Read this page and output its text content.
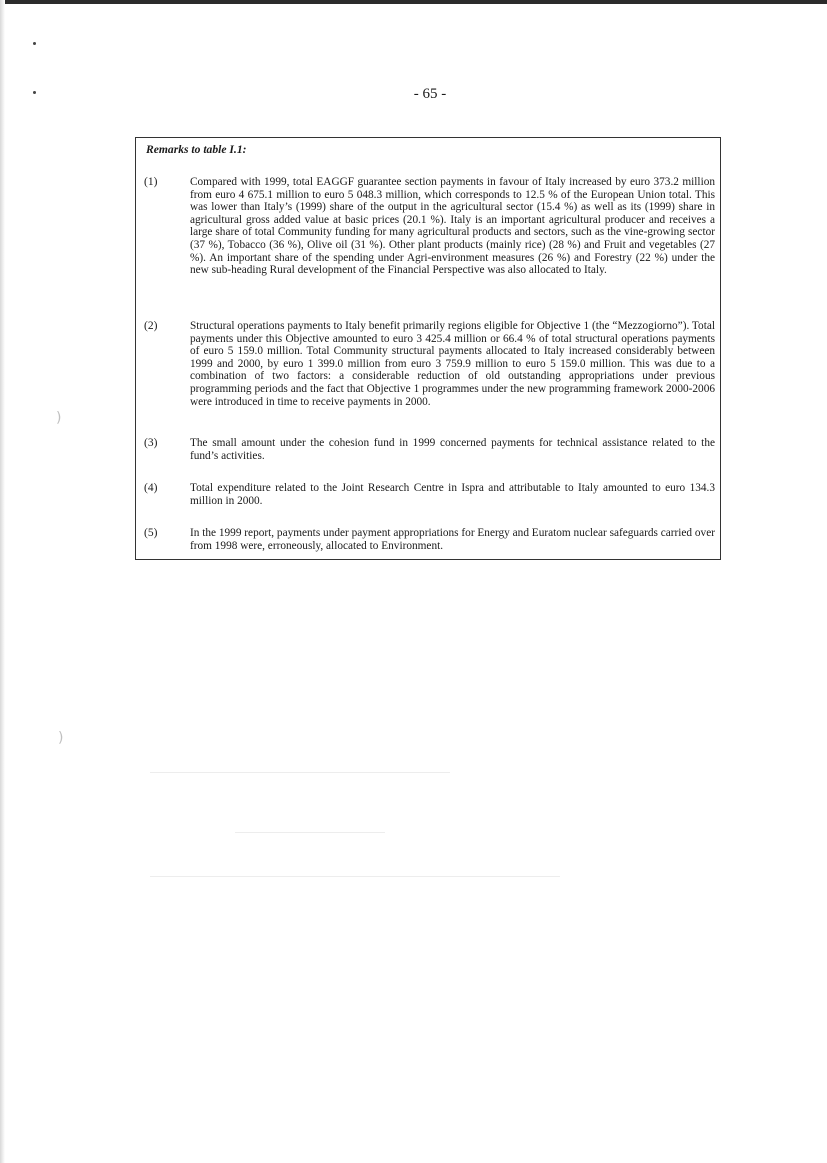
)
)
- 65 -
Remarks to table I.1:
(1)	Compared with 1999, total EAGGF guarantee section payments in favour of Italy increased by euro 373.2 million from euro 4 675.1 million to euro 5 048.3 million, which corresponds to 12.5 % of the European Union total. This was lower than Italy’s (1999) share of the output in the agricultural sector (15.4 %) as well as its (1999) share in agricultural gross added value at basic prices (20.1 %). Italy is an important agricultural producer and receives a large share of total Community funding for many agricultural products and sectors, such as the vine-growing sector (37 %), Tobacco (36 %), Olive oil (31 %). Other plant products (mainly rice) (28 %) and Fruit and vegetables (27 %). An important share of the spending under Agri-environment measures (26 %) and Forestry (22 %) under the new sub-heading Rural development of the Financial Perspective was also allocated to Italy.
(2)	Structural operations payments to Italy benefit primarily regions eligible for Objective 1 (the “Mezzogiorno”). Total payments under this Objective amounted to euro 3 425.4 million or 66.4 % of total structural operations payments of euro 5 159.0 million. Total Community structural payments allocated to Italy increased considerably between 1999 and 2000, by euro 1 399.0 million from euro 3 759.9 million to euro 5 159.0 million. This was due to a combination of two factors: a considerable reduction of old outstanding appropriations under previous programming periods and the fact that Objective 1 programmes under the new programming framework 2000-2006 were introduced in time to receive payments in 2000.
(3)	The small amount under the cohesion fund in 1999 concerned payments for technical assistance related to the fund’s activities.
(4)	Total expenditure related to the Joint Research Centre in Ispra and attributable to Italy amounted to euro 134.3 million in 2000.
(5)	In the 1999 report, payments under payment appropriations for Energy and Euratom nuclear safeguards carried over from 1998 were, erroneously, allocated to Environment.
